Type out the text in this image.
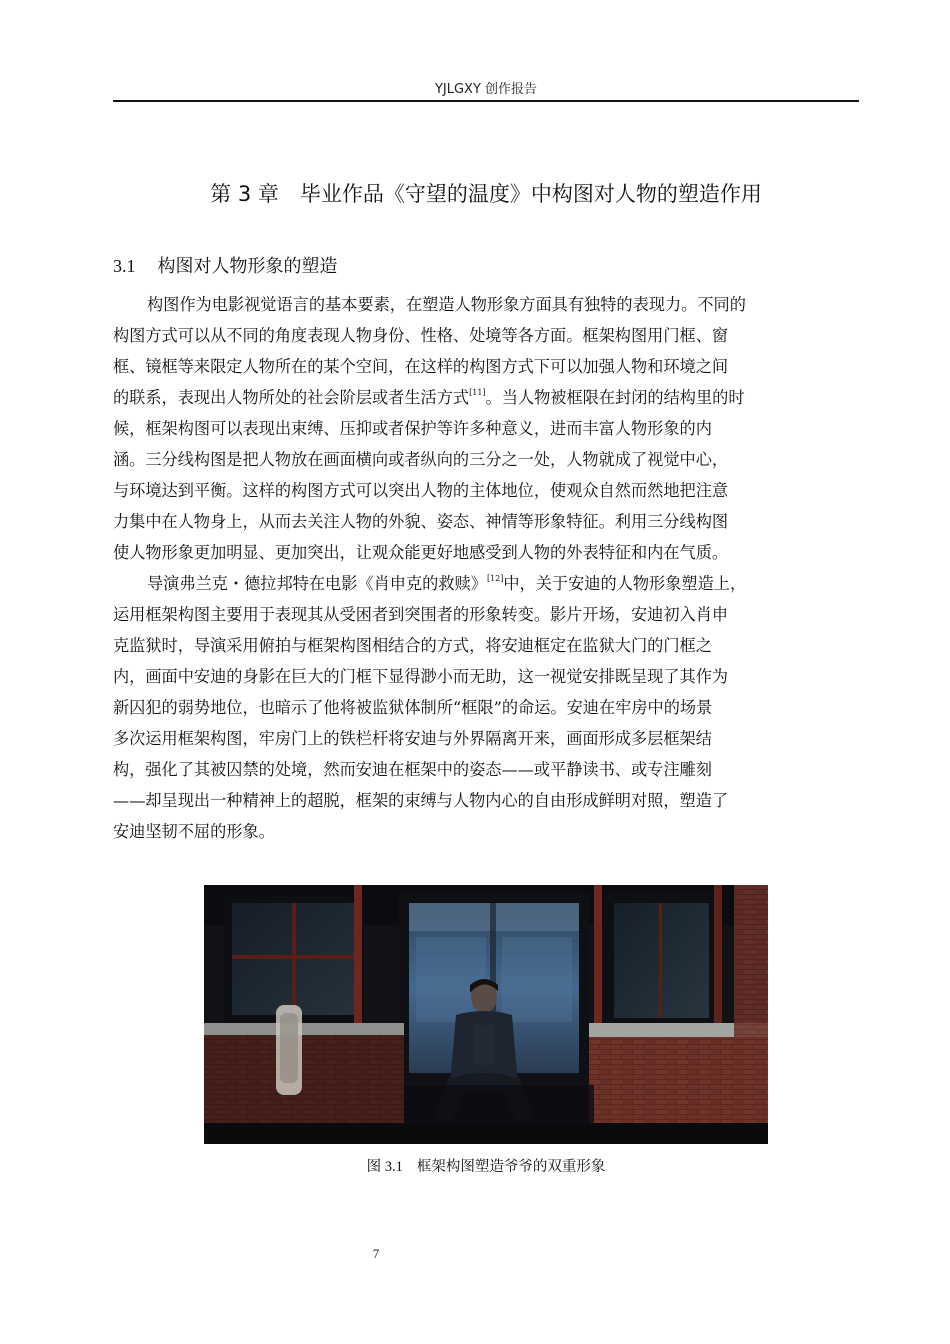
YJLGXY 创作报告
第 3 章　毕业作品《守望的温度》中构图对人物的塑造作用
3.1 构图对人物形象的塑造
构图作为电影视觉语言的基本要素，在塑造人物形象方面具有独特的表现力。不同的
构图方式可以从不同的角度表现人物身份、性格、处境等各方面。框架构图用门框、窗
框、镜框等来限定人物所在的某个空间，在这样的构图方式下可以加强人物和环境之间
的联系，表现出人物所处的社会阶层或者生活方式[11]。当人物被框限在封闭的结构里的时
候，框架构图可以表现出束缚、压抑或者保护等许多种意义，进而丰富人物形象的内
涵。三分线构图是把人物放在画面横向或者纵向的三分之一处，人物就成了视觉中心，
与环境达到平衡。这样的构图方式可以突出人物的主体地位，使观众自然而然地把注意
力集中在人物身上，从而去关注人物的外貌、姿态、神情等形象特征。利用三分线构图
使人物形象更加明显、更加突出，让观众能更好地感受到人物的外表特征和内在气质。
导演弗兰克・德拉邦特在电影《肖申克的救赎》[12]中，关于安迪的人物形象塑造上，
运用框架构图主要用于表现其从受困者到突围者的形象转变。影片开场，安迪初入肖申
克监狱时，导演采用俯拍与框架构图相结合的方式，将安迪框定在监狱大门的门框之
内，画面中安迪的身影在巨大的门框下显得渺小而无助，这一视觉安排既呈现了其作为
新囚犯的弱势地位，也暗示了他将被监狱体制所“框限”的命运。安迪在牢房中的场景
多次运用框架构图，牢房门上的铁栏杆将安迪与外界隔离开来，画面形成多层框架结
构，强化了其被囚禁的处境，然而安迪在框架中的姿态——或平静读书、或专注雕刻
——却呈现出一种精神上的超脱，框架的束缚与人物内心的自由形成鲜明对照，塑造了
安迪坚韧不屈的形象。
图 3.1 框架构图塑造爷爷的双重形象
7
